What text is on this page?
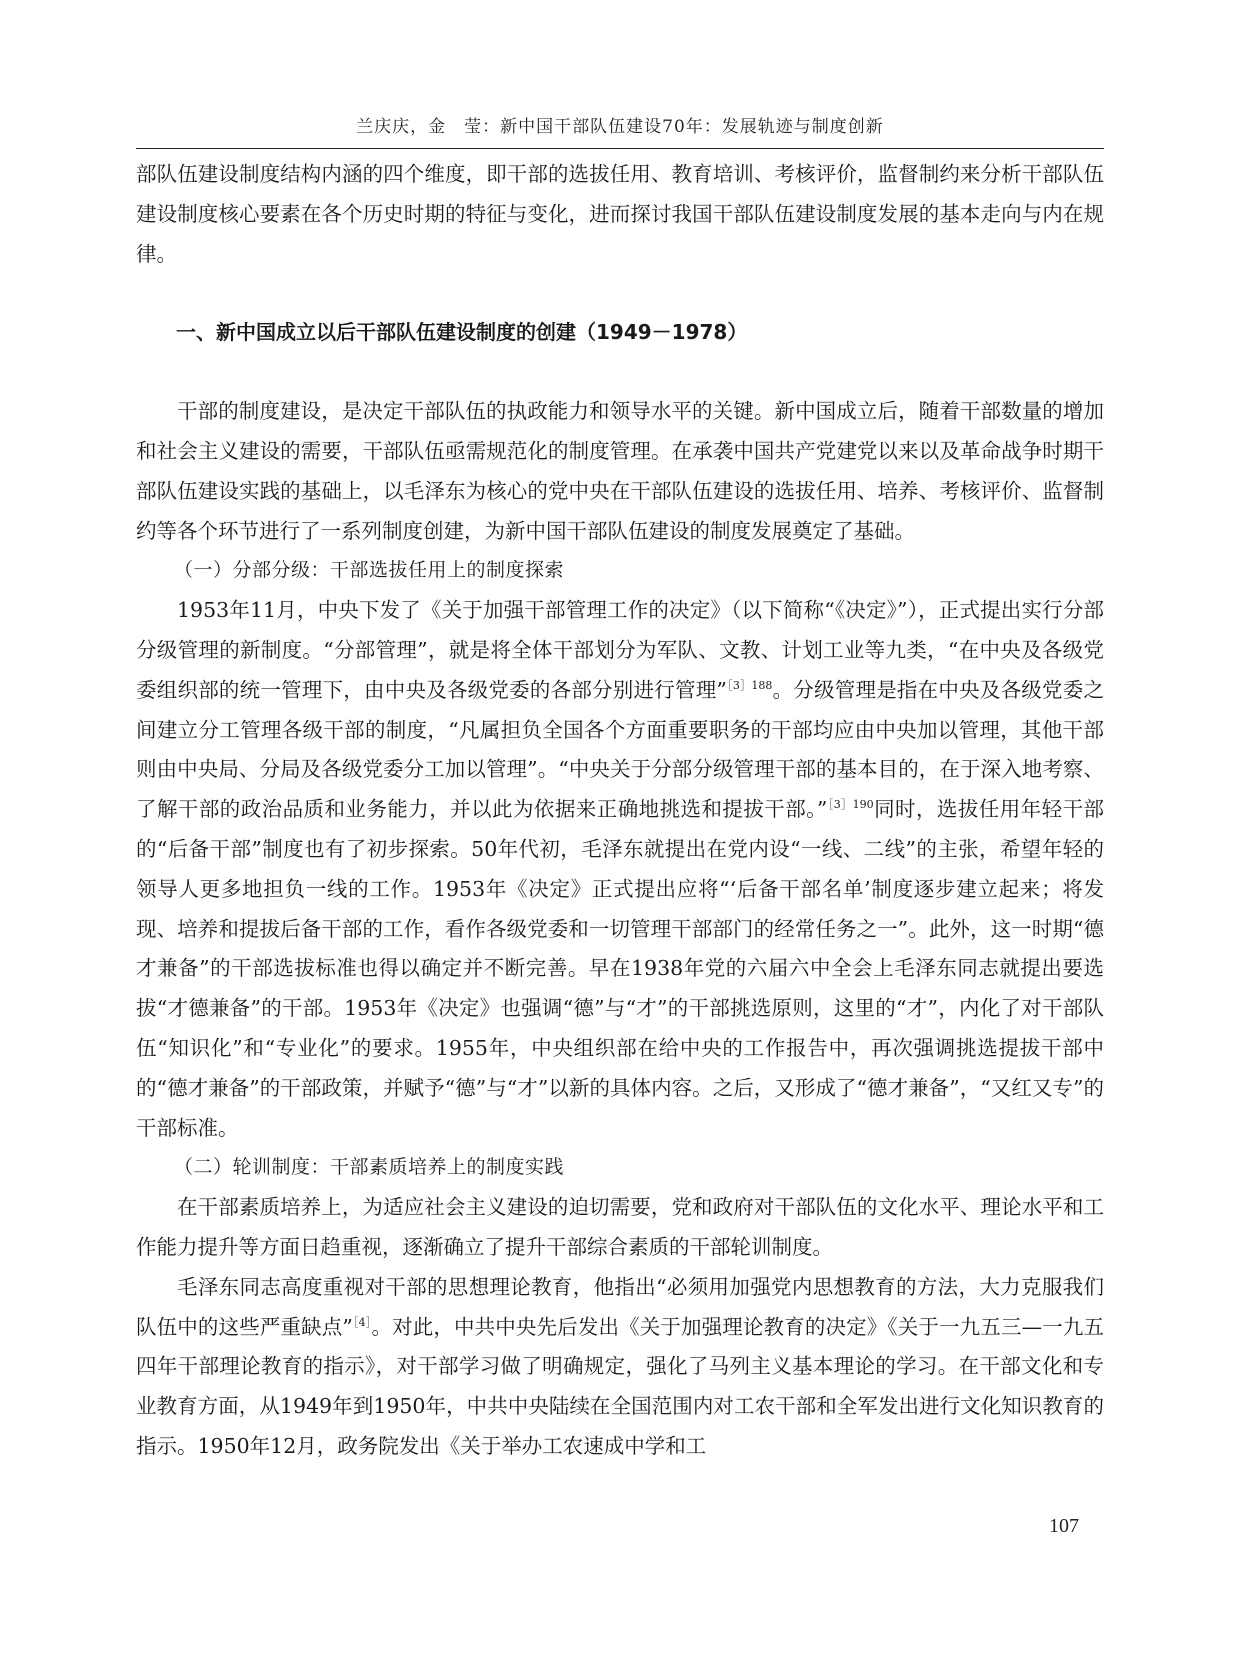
兰庆庆，金　莹：新中国干部队伍建设70年：发展轨迹与制度创新

部队伍建设制度结构内涵的四个维度，即干部的选拔任用、教育培训、考核评价，监督制约来分析干部队伍建设制度核心要素在各个历史时期的特征与变化，进而探讨我国干部队伍建设制度发展的基本走向与内在规律。

一、新中国成立以后干部队伍建设制度的创建（1949－1978）

干部的制度建设，是决定干部队伍的执政能力和领导水平的关键。新中国成立后，随着干部数量的增加和社会主义建设的需要，干部队伍亟需规范化的制度管理。在承袭中国共产党建党以来以及革命战争时期干部队伍建设实践的基础上，以毛泽东为核心的党中央在干部队伍建设的选拔任用、培养、考核评价、监督制约等各个环节进行了一系列制度创建，为新中国干部队伍建设的制度发展奠定了基础。

（一）分部分级：干部选拔任用上的制度探索

1953年11月，中央下发了《关于加强干部管理工作的决定》（以下简称“《决定》”），正式提出实行分部分级管理的新制度。“分部管理”，就是将全体干部划分为军队、文教、计划工业等九类，“在中央及各级党委组织部的统一管理下，由中央及各级党委的各部分别进行管理”$^{[3]188}$。分级管理是指在中央及各级党委之间建立分工管理各级干部的制度，“凡属担负全国各个方面重要职务的干部均应由中央加以管理，其他干部则由中央局、分局及各级党委分工加以管理”。“中央关于分部分级管理干部的基本目的，在于深入地考察、了解干部的政治品质和业务能力，并以此为依据来正确地挑选和提拔干部。”$^{[3]190}$同时，选拔任用年轻干部的“后备干部”制度也有了初步探索。50年代初，毛泽东就提出在党内设“一线、二线”的主张，希望年轻的领导人更多地担负一线的工作。1953年《决定》正式提出应将“‘后备干部名单’制度逐步建立起来；将发现、培养和提拔后备干部的工作，看作各级党委和一切管理干部部门的经常任务之一”。此外，这一时期“德才兼备”的干部选拔标准也得以确定并不断完善。早在1938年党的六届六中全会上毛泽东同志就提出要选拔“才德兼备”的干部。1953年《决定》也强调“德”与“才”的干部挑选原则，这里的“才”，内化了对干部队伍“知识化”和“专业化”的要求。1955年，中央组织部在给中央的工作报告中，再次强调挑选提拔干部中的“德才兼备”的干部政策，并赋予“德”与“才”以新的具体内容。之后，又形成了“德才兼备”，“又红又专”的干部标准。

（二）轮训制度：干部素质培养上的制度实践

在干部素质培养上，为适应社会主义建设的迫切需要，党和政府对干部队伍的文化水平、理论水平和工作能力提升等方面日趋重视，逐渐确立了提升干部综合素质的干部轮训制度。

毛泽东同志高度重视对干部的思想理论教育，他指出“必须用加强党内思想教育的方法，大力克服我们队伍中的这些严重缺点”$^{[4]}$。对此，中共中央先后发出《关于加强理论教育的决定》《关于一九五三—一九五四年干部理论教育的指示》，对干部学习做了明确规定，强化了马列主义基本理论的学习。在干部文化和专业教育方面，从1949年到1950年，中共中央陆续在全国范围内对工农干部和全军发出进行文化知识教育的指示。1950年12月，政务院发出《关于举办工农速成中学和工

107
